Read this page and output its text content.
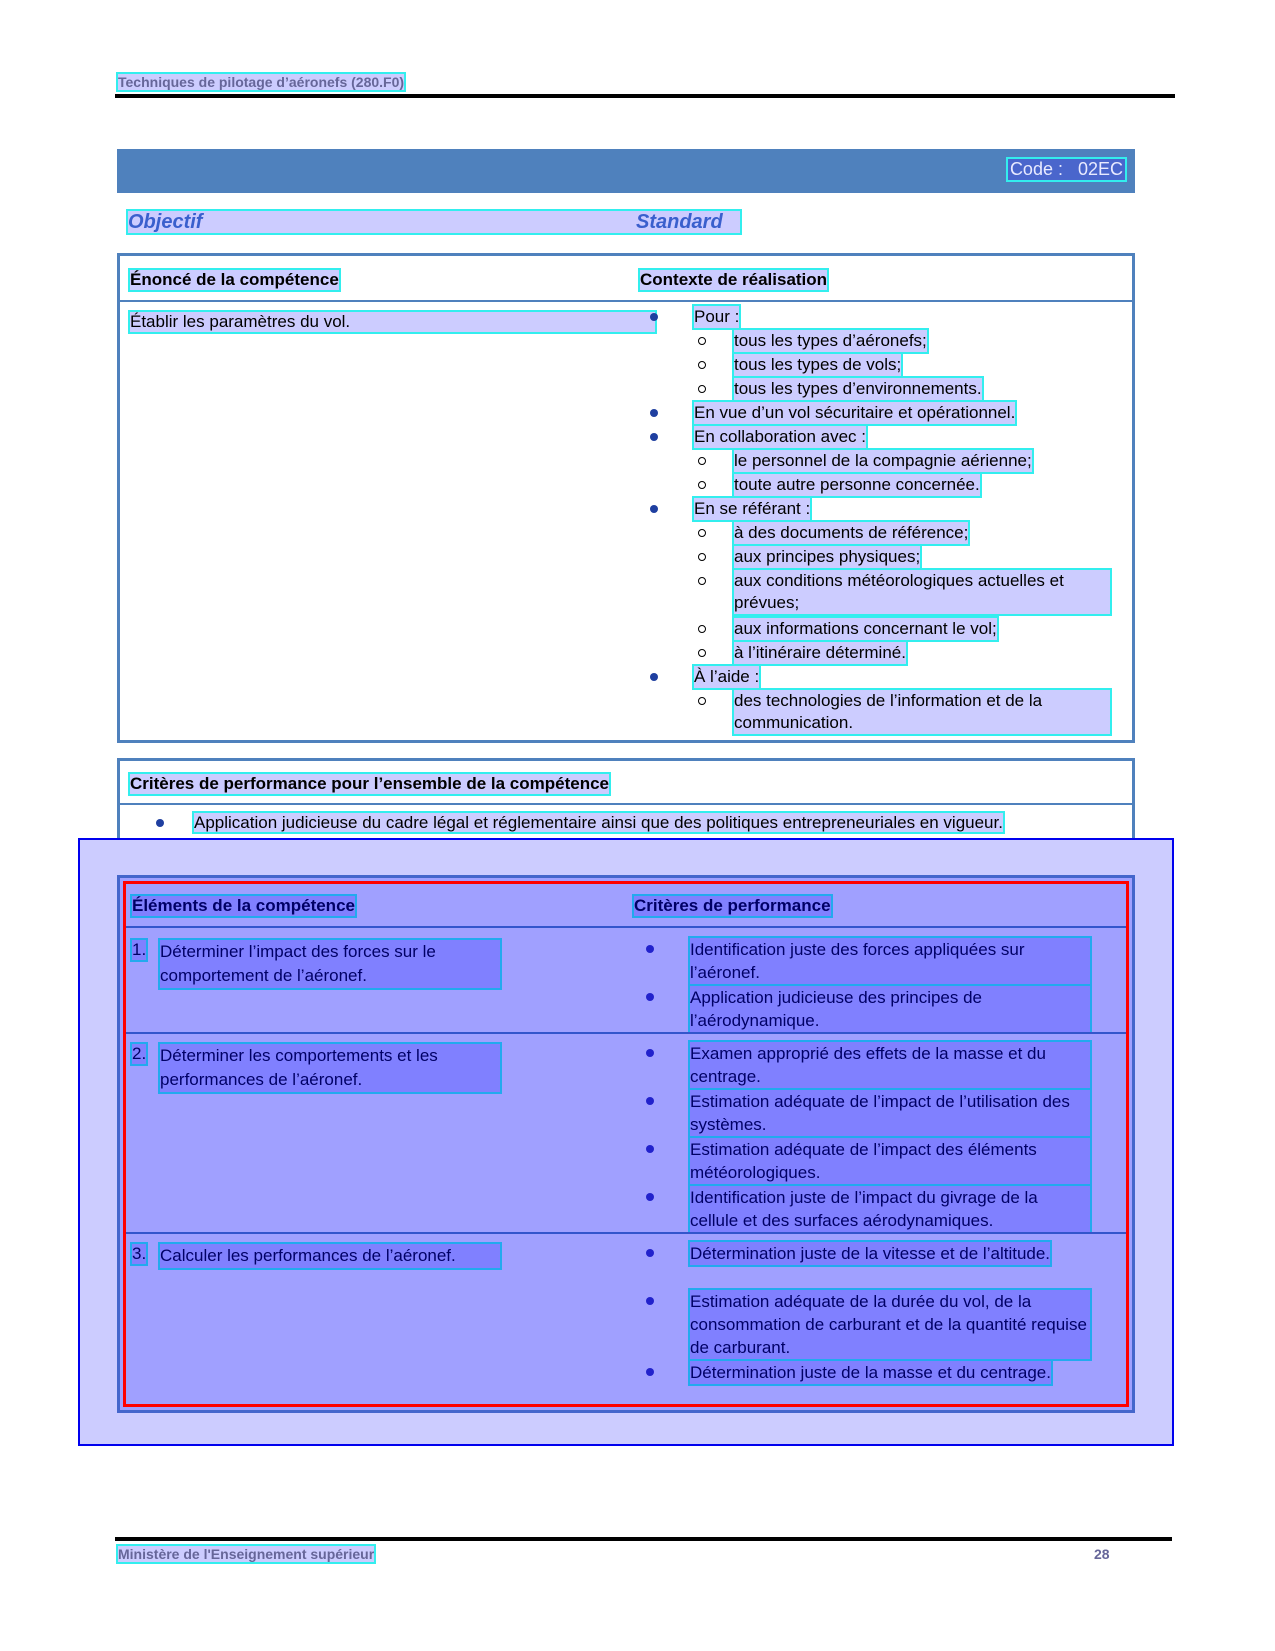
Techniques de pilotage d’aéronefs (280.F0)
Code :   02EC
Objectif	Standard
Énoncé de la compétence	Contexte de réalisation
Établir les paramètres du vol.	Pour :
tous les types d’aéronefs;
tous les types de vols;
tous les types d’environnements.
En vue d’un vol sécuritaire et opérationnel.
En collaboration avec :
le personnel de la compagnie aérienne;
toute autre personne concernée.
En se référant :
à des documents de référence;
aux principes physiques;
aux conditions météorologiques actuelles et prévues;
aux informations concernant le vol;
à l’itinéraire déterminé.
À l’aide :
des technologies de l’information et de la communication.
Critères de performance pour l’ensemble de la compétence
Application judicieuse du cadre légal et réglementaire ainsi que des politiques entrepreneuriales en vigueur.
Éléments de la compétence	Critères de performance
1. Déterminer l’impact des forces sur le comportement de l’aéronef.
Identification juste des forces appliquées sur l’aéronef.
Application judicieuse des principes de l’aérodynamique.
2. Déterminer les comportements et les performances de l’aéronef.
Examen approprié des effets de la masse et du centrage.
Estimation adéquate de l’impact de l’utilisation des systèmes.
Estimation adéquate de l’impact des éléments météorologiques.
Identification juste de l’impact du givrage de la cellule et des surfaces aérodynamiques.
3. Calculer les performances de l’aéronef.	Détermination juste de la vitesse et de l’altitude.
Estimation adéquate de la durée du vol, de la consommation de carburant et de la quantité requise de carburant.
Détermination juste de la masse et du centrage.
Ministère de l'Enseignement supérieur	28
